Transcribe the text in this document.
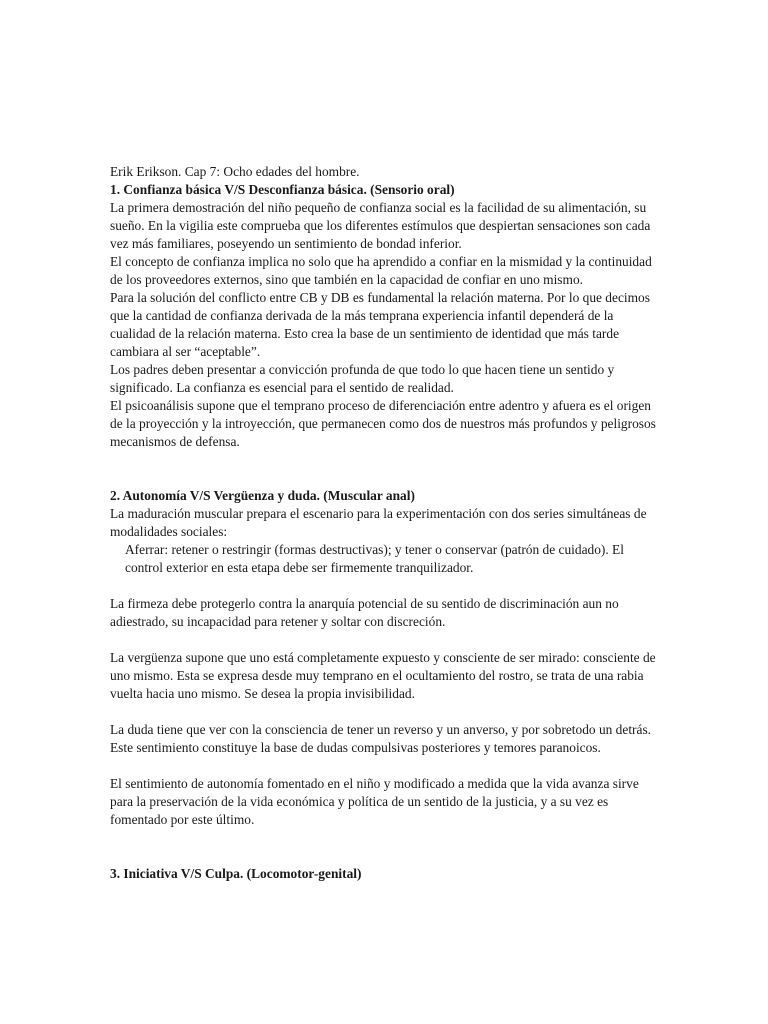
Erik Erikson. Cap 7: Ocho edades del hombre.

1. Confianza básica V/S Desconfianza básica. (Sensorio oral)

La primera demostración del niño pequeño de confianza social es la facilidad de su alimentación, su sueño. En la vigilia este comprueba que los diferentes estímulos que despiertan sensaciones son cada vez más familiares, poseyendo un sentimiento de bondad inferior.

El concepto de confianza implica no solo que ha aprendido a confiar en la mismidad y la continuidad de los proveedores externos, sino que también en la capacidad de confiar en uno mismo.

Para la solución del conflicto entre CB y DB es fundamental la relación materna. Por lo que decimos que la cantidad de confianza derivada de la más temprana experiencia infantil dependerá de la cualidad de la relación materna. Esto crea la base de un sentimiento de identidad que más tarde cambiara al ser “aceptable”.

Los padres deben presentar a convicción profunda de que todo lo que hacen tiene un sentido y significado. La confianza es esencial para el sentido de realidad.

El psicoanálisis supone que el temprano proceso de diferenciación entre adentro y afuera es el origen de la proyección y la introyección, que permanecen como dos de nuestros más profundos y peligrosos mecanismos de defensa.

2. Autonomía V/S Vergüenza y duda. (Muscular anal)

La maduración muscular prepara el escenario para la experimentación con dos series simultáneas de modalidades sociales:

Aferrar: retener o restringir (formas destructivas); y tener o conservar (patrón de cuidado). El control exterior en esta etapa debe ser firmemente tranquilizador.

La firmeza debe protegerlo contra la anarquía potencial de su sentido de discriminación aun no adiestrado, su incapacidad para retener y soltar con discreción.

La vergüenza supone que uno está completamente expuesto y consciente de ser mirado: consciente de uno mismo. Esta se expresa desde muy temprano en el ocultamiento del rostro, se trata de una rabia vuelta hacia uno mismo. Se desea la propia invisibilidad.

La duda tiene que ver con la consciencia de tener un reverso y un anverso, y por sobretodo un detrás. Este sentimiento constituye la base de dudas compulsivas posteriores y temores paranoicos.

El sentimiento de autonomía fomentado en el niño y modificado a medida que la vida avanza sirve para la preservación de la vida económica y política de un sentido de la justicia, y a su vez es fomentado por este último.

3. Iniciativa V/S Culpa. (Locomotor-genital)
